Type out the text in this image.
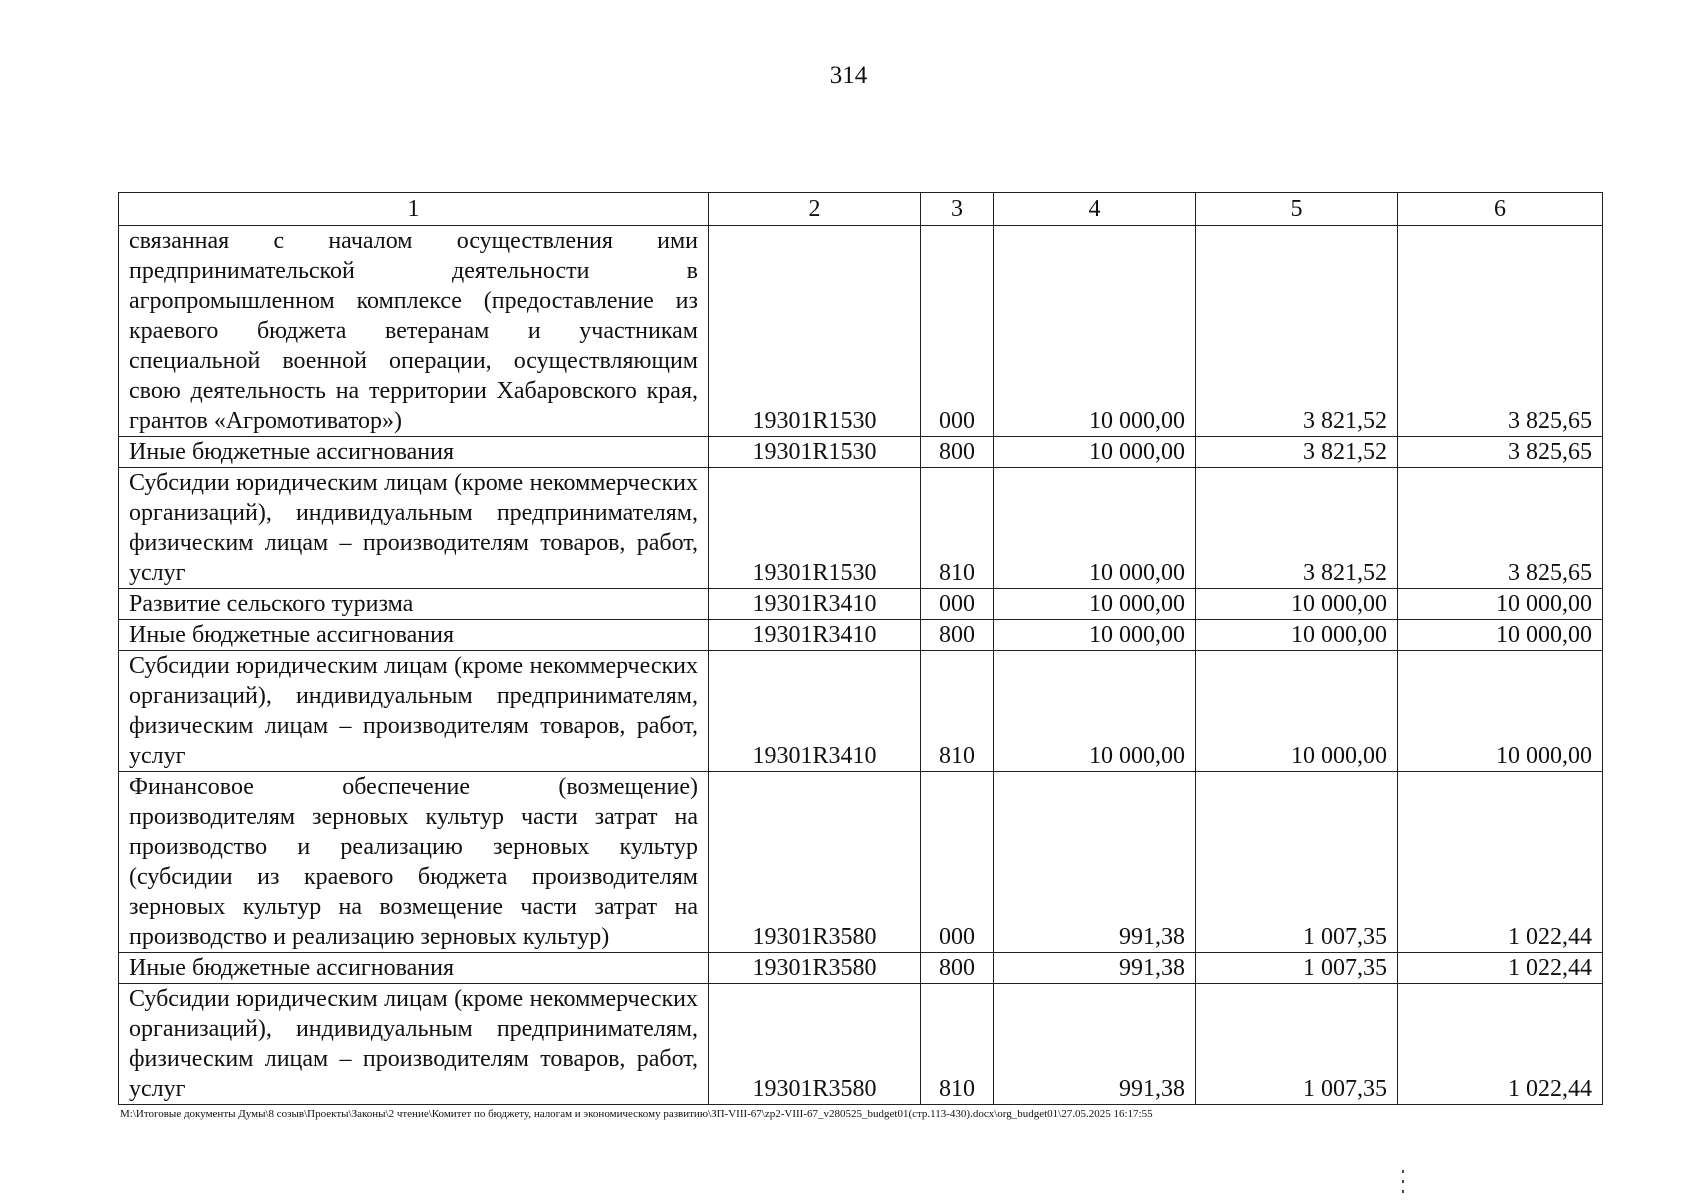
314
1	2	3	4	5	6
связанная с началом осуществления ими предпринимательской деятельности в агропромышленном комплексе (предоставление из краевого бюджета ветеранам и участникам специальной военной операции, осуществляющим свою деятельность на территории Хабаровского края, грантов «Агромотиватор»)	19301R1530	000	10 000,00	3 821,52	3 825,65
Иные бюджетные ассигнования	19301R1530	800	10 000,00	3 821,52	3 825,65
Субсидии юридическим лицам (кроме некоммерческих организаций), индивидуальным предпринимателям, физическим лицам – производителям товаров, работ, услуг	19301R1530	810	10 000,00	3 821,52	3 825,65
Развитие сельского туризма	19301R3410	000	10 000,00	10 000,00	10 000,00
Иные бюджетные ассигнования	19301R3410	800	10 000,00	10 000,00	10 000,00
Субсидии юридическим лицам (кроме некоммерческих организаций), индивидуальным предпринимателям, физическим лицам – производителям товаров, работ, услуг	19301R3410	810	10 000,00	10 000,00	10 000,00
Финансовое обеспечение (возмещение) производителям зерновых культур части затрат на производство и реализацию зерновых культур (субсидии из краевого бюджета производителям зерновых культур на возмещение части затрат на производство и реализацию зерновых культур)	19301R3580	000	991,38	1 007,35	1 022,44
Иные бюджетные ассигнования	19301R3580	800	991,38	1 007,35	1 022,44
Субсидии юридическим лицам (кроме некоммерческих организаций), индивидуальным предпринимателям, физическим лицам – производителям товаров, работ, услуг	19301R3580	810	991,38	1 007,35	1 022,44
M:\Итоговые документы Думы\8 созыв\Проекты\Законы\2 чтение\Комитет по бюджету, налогам и экономическому развитию\ЗП-VIII-67\zp2-VIII-67_v280525_budget01(стр.113-430).docx\org_budget01\27.05.2025 16:17:55
